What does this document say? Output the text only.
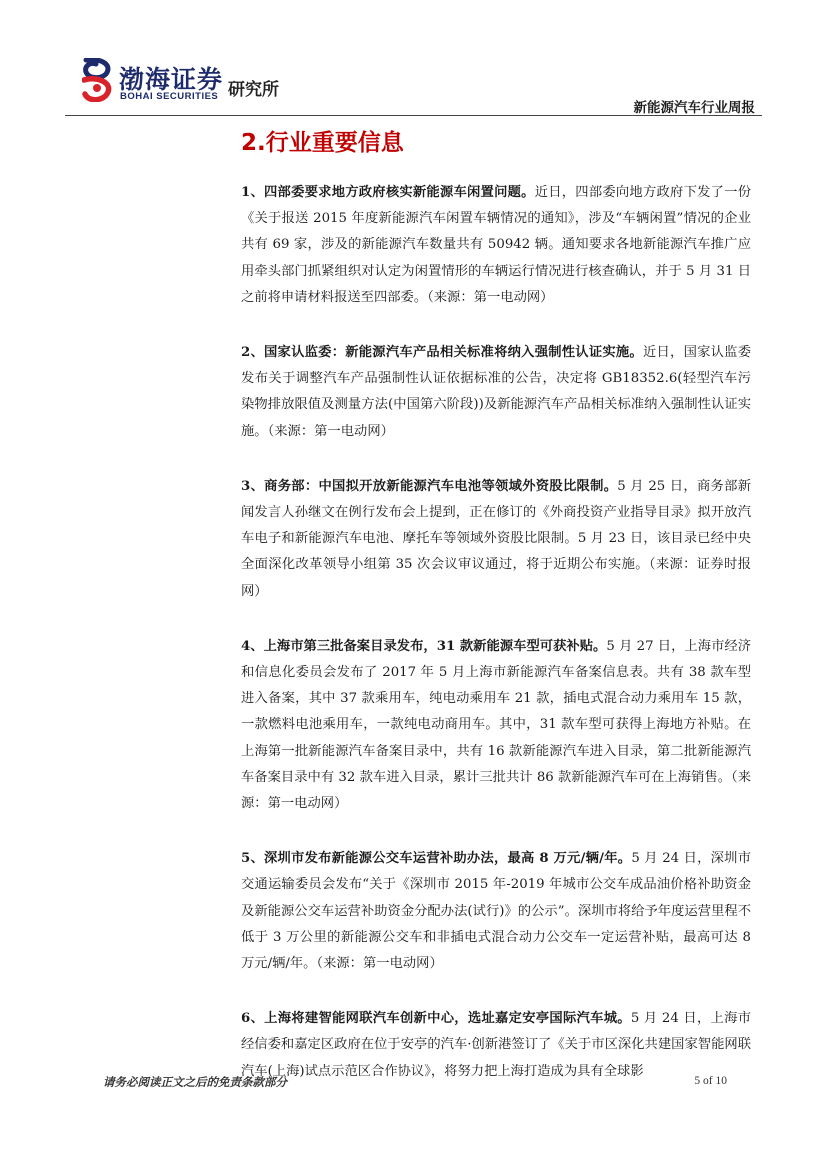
渤海证券
BOHAI SECURITIES 研究所
新能源汽车行业周报
2.行业重要信息

1、四部委要求地方政府核实新能源车闲置问题。近日，四部委向地方政府下发了一份《关于报送 2015 年度新能源汽车闲置车辆情况的通知》，涉及“车辆闲置”情况的企业共有 69 家，涉及的新能源汽车数量共有 50942 辆。通知要求各地新能源汽车推广应用牵头部门抓紧组织对认定为闲置情形的车辆运行情况进行核查确认，并于 5 月 31 日之前将申请材料报送至四部委。（来源：第一电动网）

2、国家认监委：新能源汽车产品相关标准将纳入强制性认证实施。近日，国家认监委发布关于调整汽车产品强制性认证依据标准的公告，决定将 GB18352.6(轻型汽车污染物排放限值及测量方法(中国第六阶段))及新能源汽车产品相关标准纳入强制性认证实施。（来源：第一电动网）

3、商务部：中国拟开放新能源汽车电池等领域外资股比限制。5 月 25 日，商务部新闻发言人孙继文在例行发布会上提到，正在修订的《外商投资产业指导目录》拟开放汽车电子和新能源汽车电池、摩托车等领域外资股比限制。5 月 23 日，该目录已经中央全面深化改革领导小组第 35 次会议审议通过，将于近期公布实施。（来源：证券时报网）

4、上海市第三批备案目录发布，31 款新能源车型可获补贴。5 月 27 日，上海市经济和信息化委员会发布了 2017 年 5 月上海市新能源汽车备案信息表。共有 38 款车型进入备案，其中 37 款乘用车，纯电动乘用车 21 款，插电式混合动力乘用车 15 款，一款燃料电池乘用车，一款纯电动商用车。其中，31 款车型可获得上海地方补贴。在上海第一批新能源汽车备案目录中，共有 16 款新能源汽车进入目录，第二批新能源汽车备案目录中有 32 款车进入目录，累计三批共计 86 款新能源汽车可在上海销售。（来源：第一电动网）

5、深圳市发布新能源公交车运营补助办法，最高 8 万元/辆/年。5 月 24 日，深圳市交通运输委员会发布“关于《深圳市 2015 年-2019 年城市公交车成品油价格补助资金及新能源公交车运营补助资金分配办法(试行)》的公示”。深圳市将给予年度运营里程不低于 3 万公里的新能源公交车和非插电式混合动力公交车一定运营补贴，最高可达 8 万元/辆/年。（来源：第一电动网）

6、上海将建智能网联汽车创新中心，选址嘉定安亭国际汽车城。5 月 24 日，上海市经信委和嘉定区政府在位于安亭的汽车·创新港签订了《关于市区深化共建国家智能网联汽车(上海)试点示范区合作协议》，将努力把上海打造成为具有全球影

请务必阅读正文之后的免责条款部分	5 of 10
